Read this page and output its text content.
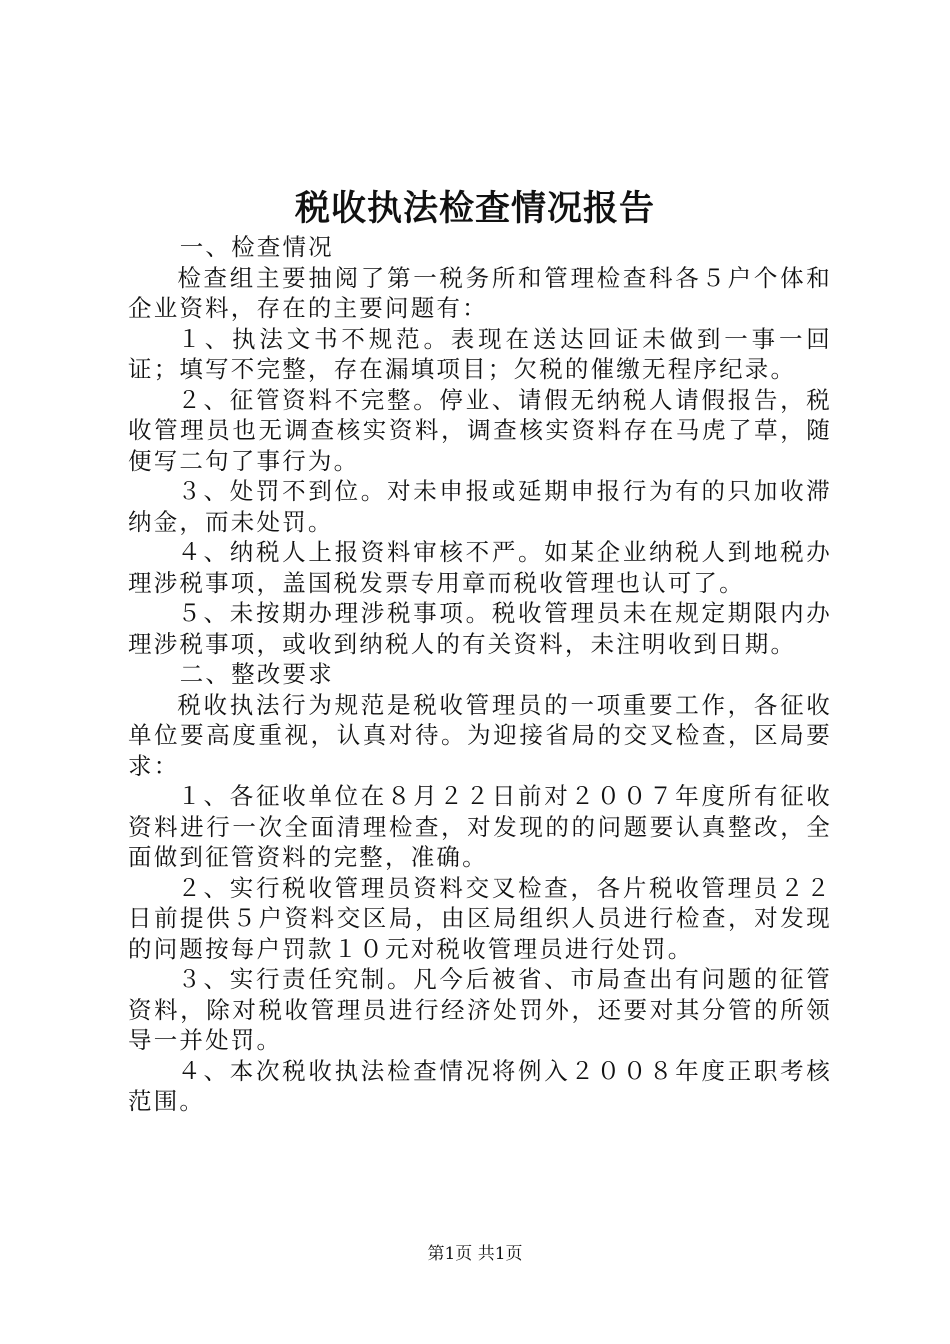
税收执法检查情况报告

一、检查情况

检查组主要抽阅了第一税务所和管理检查科各５户个体和企业资料，存在的主要问题有：

１、执法文书不规范。表现在送达回证未做到一事一回证；填写不完整，存在漏填项目；欠税的催缴无程序纪录。

２、征管资料不完整。停业、请假无纳税人请假报告，税收管理员也无调查核实资料，调查核实资料存在马虎了草，随便写二句了事行为。

３、处罚不到位。对未申报或延期申报行为有的只加收滞纳金，而未处罚。

４、纳税人上报资料审核不严。如某企业纳税人到地税办理涉税事项，盖国税发票专用章而税收管理也认可了。

５、未按期办理涉税事项。税收管理员未在规定期限内办理涉税事项，或收到纳税人的有关资料，未注明收到日期。

二、整改要求

税收执法行为规范是税收管理员的一项重要工作，各征收单位要高度重视，认真对待。为迎接省局的交叉检查，区局要求：

１、各征收单位在８月２２日前对２００７年度所有征收资料进行一次全面清理检查，对发现的的问题要认真整改，全面做到征管资料的完整，准确。

２、实行税收管理员资料交叉检查，各片税收管理员２２日前提供５户资料交区局，由区局组织人员进行检查，对发现的问题按每户罚款１０元对税收管理员进行处罚。

３、实行责任究制。凡今后被省、市局查出有问题的征管资料，除对税收管理员进行经济处罚外，还要对其分管的所领导一并处罚。

４、本次税收执法检查情况将例入２００８年度正职考核范围。

第1页 共1页
